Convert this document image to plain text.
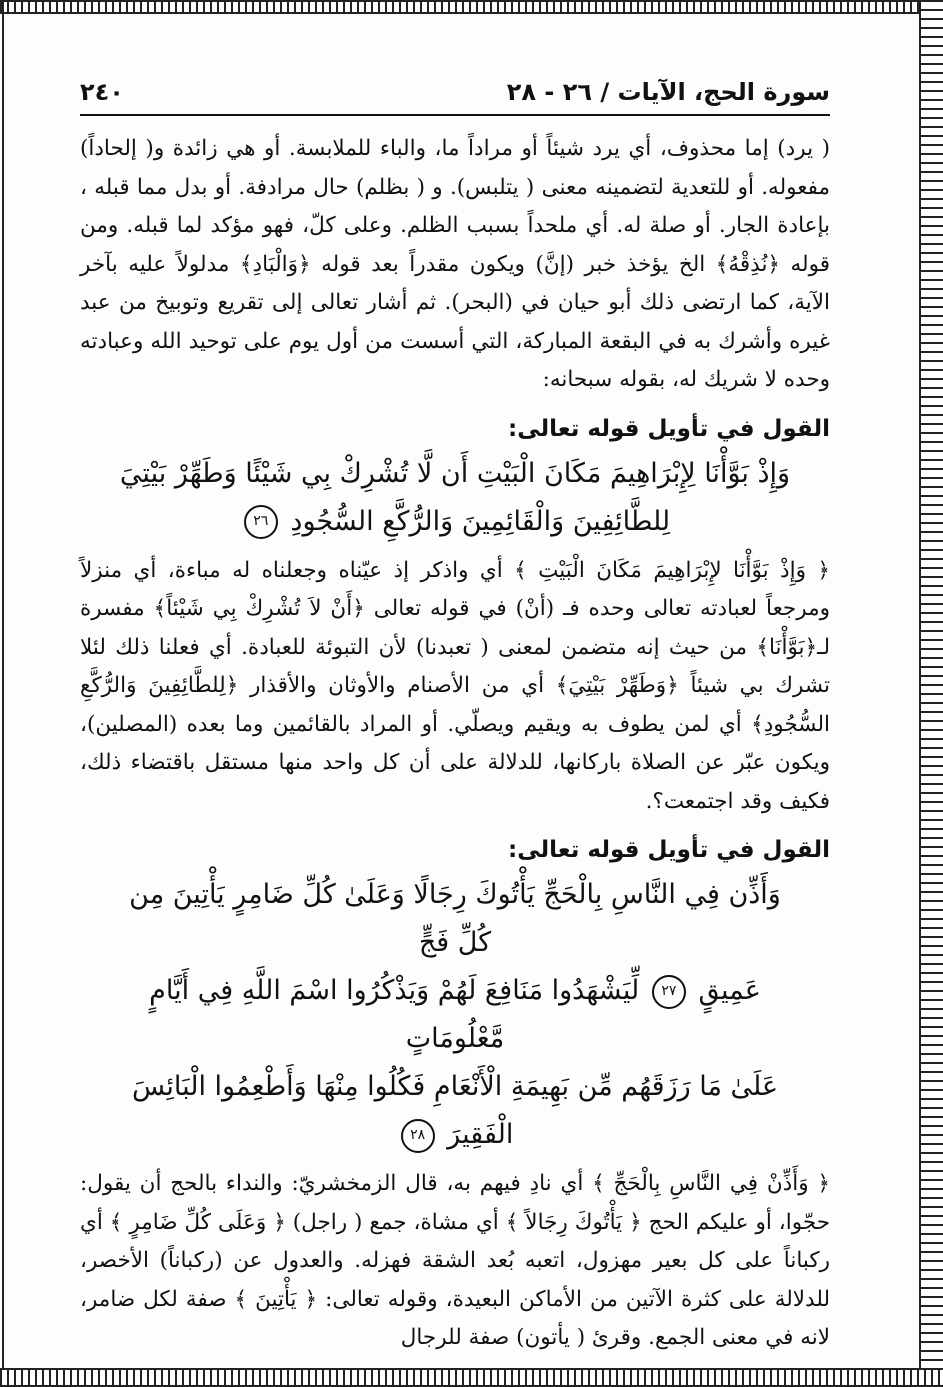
سورة الحج، الآيات / ٢٦ - ٢٨
٢٤٠

( يرد) إما محذوف، أي يرد شيئاً أو مراداً ما، والباء للملابسة. أو هي زائدة و( إلحاداً) مفعوله. أو للتعدية لتضمينه معنى ( يتلبس). و ( بظلم) حال مرادفة. أو بدل مما قبله ، بإعادة الجار. أو صلة له. أي ملحداً بسبب الظلم. وعلى كلّ، فهو مؤكد لما قبله. ومن قوله ﴿نُذِقْهُ﴾ الخ يؤخذ خبر (إنَّ) ويكون مقدراً بعد قوله ﴿وَالْبَادِ﴾ مدلولاً عليه بآخر الآية، كما ارتضى ذلك أبو حيان في (البحر). ثم أشار تعالى إلى تقريع وتوبيخ من عبد غيره وأشرك به في البقعة المباركة، التي أسست من أول يوم على توحيد الله وعبادته وحده لا شريك له، بقوله سبحانه:

القول في تأويل قوله تعالى:
وَإِذْ بَوَّأْنَا لِإِبْرَاهِيمَ مَكَانَ الْبَيْتِ أَن لَّا تُشْرِكْ بِي شَيْئًا وَطَهِّرْ بَيْتِيَ
لِلطَّائِفِينَ وَالْقَائِمِينَ وَالرُّكَّعِ السُّجُودِ ٢٦

﴿ وَإِذْ بَوَّأْنَا لإِبْرَاهِيمَ مَكَانَ الْبَيْتِ ﴾ أي واذكر إذ عيّناه وجعلناه له مباءة، أي منزلاً ومرجعاً لعبادته تعالى وحده فـ (أنْ) في قوله تعالى ﴿أَنْ لاَ تُشْرِكْ بِي شَيْئاً﴾ مفسرة لـ﴿بَوَّأْنَا﴾ من حيث إنه متضمن لمعنى ( تعبدنا) لأن التبوئة للعبادة. أي فعلنا ذلك لئلا تشرك بي شيئاً ﴿وَطَهِّرْ بَيْتِيَ﴾ أي من الأصنام والأوثان والأقذار ﴿لِلطَّائِفِينَ وَالرُّكَّعِ السُّجُودِ﴾ أي لمن يطوف به ويقيم ويصلّي. أو المراد بالقائمين وما بعده (المصلين)، ويكون عبّر عن الصلاة باركانها، للدلالة على أن كل واحد منها مستقل باقتضاء ذلك، فكيف وقد اجتمعت؟.

القول في تأويل قوله تعالى:
وَأَذِّن فِي النَّاسِ بِالْحَجِّ يَأْتُوكَ رِجَالًا وَعَلَىٰ كُلِّ ضَامِرٍ يَأْتِينَ مِن كُلِّ فَجٍّ
عَمِيقٍ ٢٧ لِّيَشْهَدُوا مَنَافِعَ لَهُمْ وَيَذْكُرُوا اسْمَ اللَّهِ فِي أَيَّامٍ مَّعْلُومَاتٍ
عَلَىٰ مَا رَزَقَهُم مِّن بَهِيمَةِ الْأَنْعَامِ فَكُلُوا مِنْهَا وَأَطْعِمُوا الْبَائِسَ الْفَقِيرَ ٢٨

﴿ وَأَذِّنْ فِي النَّاسِ بِالْحَجِّ ﴾ أي نادِ فيهم به، قال الزمخشريّ: والنداء بالحج أن يقول: حجّوا، أو عليكم الحج ﴿ يَأْتُوكَ رِجَالاً ﴾ أي مشاة، جمع ( راجل) ﴿ وَعَلَى كُلِّ ضَامِرٍ ﴾ أي ركباناً على كل بعير مهزول، اتعبه بُعد الشقة فهزله. والعدول عن (ركباناً) الأخصر، للدلالة على كثرة الآتين من الأماكن البعيدة، وقوله تعالى: ﴿ يَأْتِينَ ﴾ صفة لكل ضامر، لانه في معنى الجمع. وقرئ ( يأتون) صفة للرجال
